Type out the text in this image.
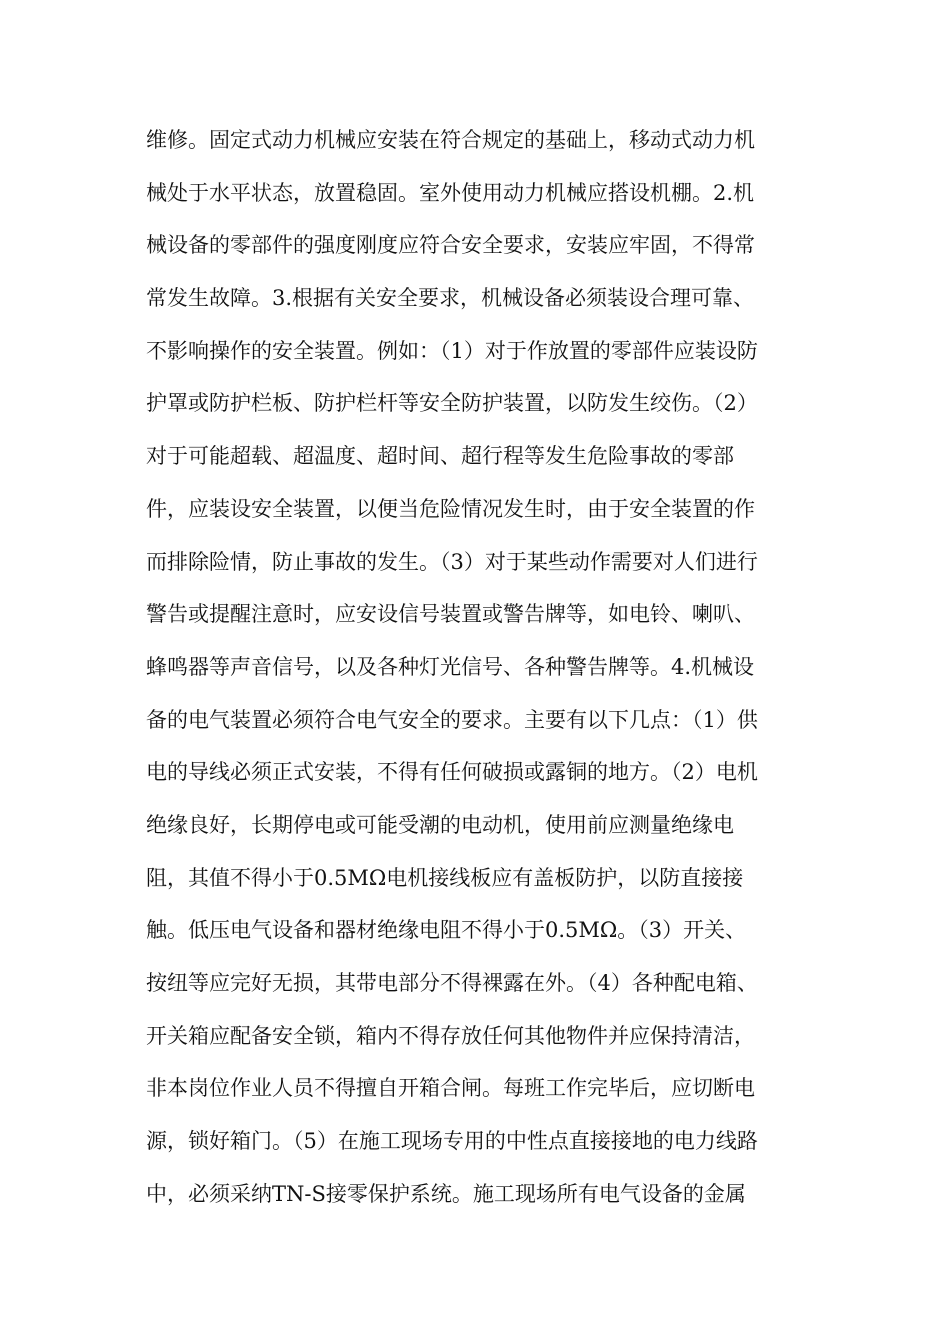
维修。固定式动力机械应安装在符合规定的基础上，移动式动力机
械处于水平状态，放置稳固。室外使用动力机械应搭设机棚。2.机
械设备的零部件的强度刚度应符合安全要求，安装应牢固，不得常
常发生故障。3.根据有关安全要求，机械设备必须装设合理可靠、
不影响操作的安全装置。例如：（1）对于作放置的零部件应装设防
护罩或防护栏板、防护栏杆等安全防护装置，以防发生绞伤。（2）
对于可能超载、超温度、超时间、超行程等发生危险事故的零部
件，应装设安全装置，以便当危险情况发生时，由于安全装置的作
而排除险情，防止事故的发生。（3）对于某些动作需要对人们进行
警告或提醒注意时，应安设信号装置或警告牌等，如电铃、喇叭、
蜂鸣器等声音信号，以及各种灯光信号、各种警告牌等。4.机械设
备的电气装置必须符合电气安全的要求。主要有以下几点：（1）供
电的导线必须正式安装，不得有任何破损或露铜的地方。（2）电机
绝缘良好，长期停电或可能受潮的电动机，使用前应测量绝缘电
阻，其值不得小于0.5MΩ电机接线板应有盖板防护，以防直接接
触。低压电气设备和器材绝缘电阻不得小于0.5MΩ。（3）开关、
按纽等应完好无损，其带电部分不得裸露在外。（4）各种配电箱、
开关箱应配备安全锁，箱内不得存放任何其他物件并应保持清洁，
非本岗位作业人员不得擅自开箱合闸。每班工作完毕后，应切断电
源，锁好箱门。（5）在施工现场专用的中性点直接接地的电力线路
中，必须采纳TN-S接零保护系统。施工现场所有电气设备的金属
